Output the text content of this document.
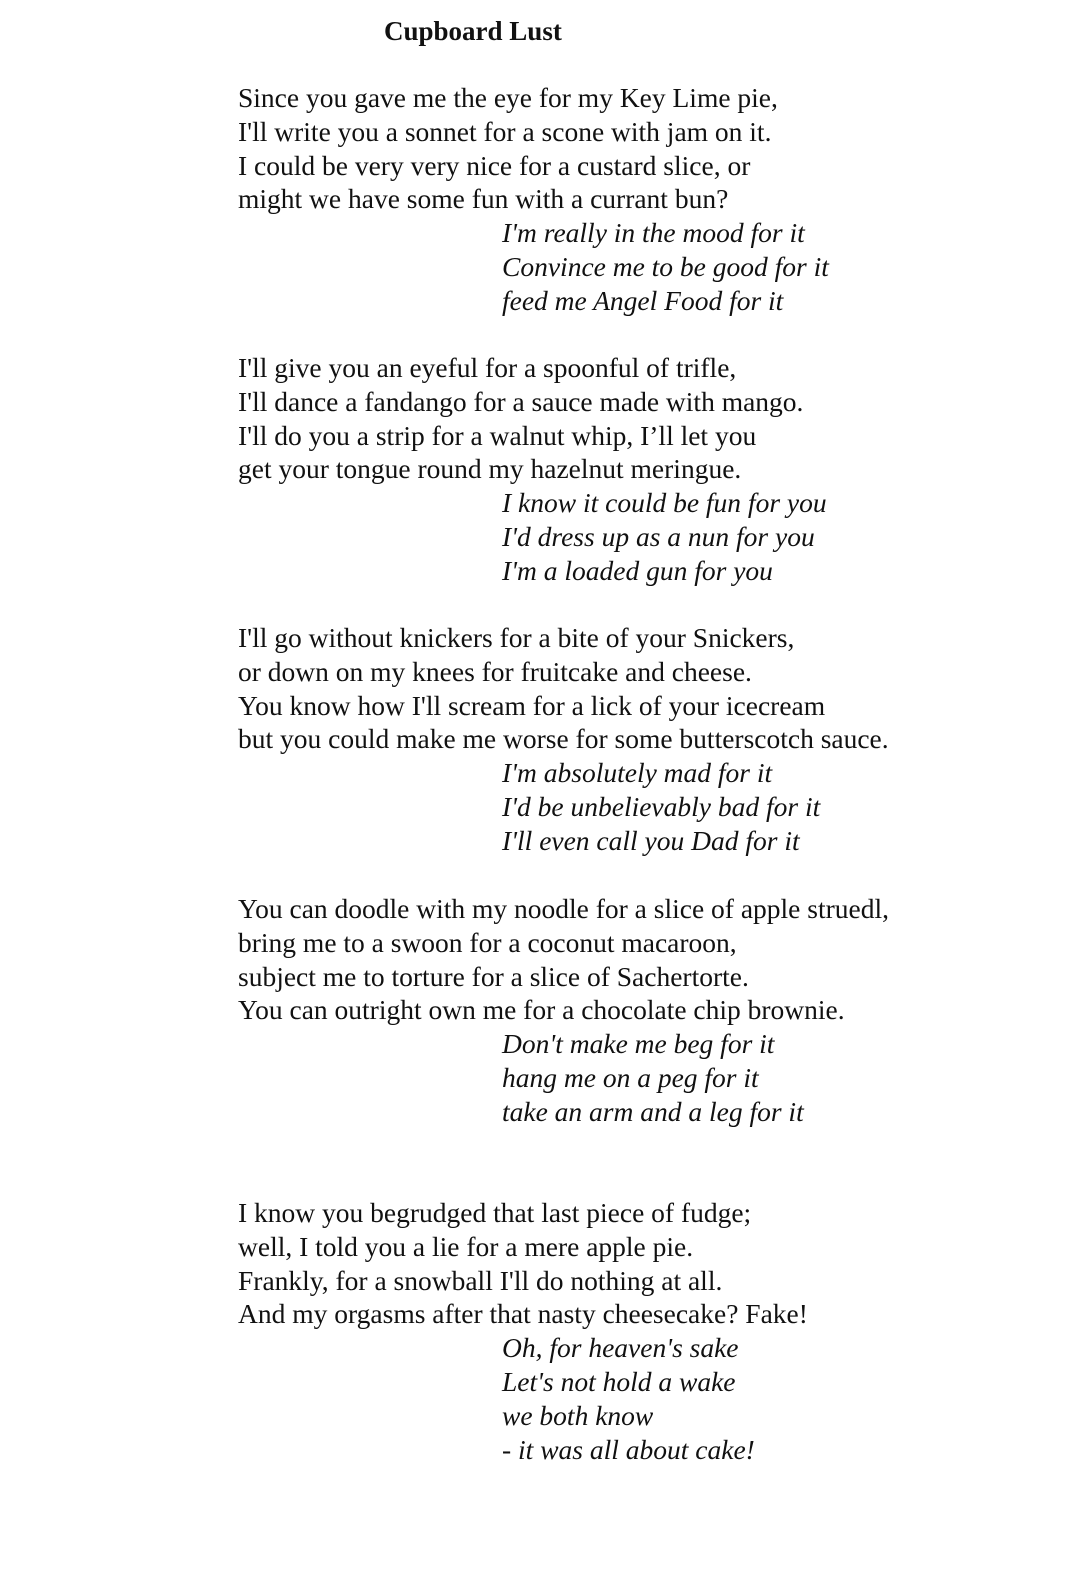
Cupboard Lust
Since you gave me the eye for my Key Lime pie,
I'll write you a sonnet for a scone with jam on it.
I could be very very nice for a custard slice, or
might we have some fun with a currant bun?
I'm really in the mood for it
Convince me to be good for it
feed me Angel Food for it
I'll give you an eyeful for a spoonful of trifle,
I'll dance a fandango for a sauce made with mango.
I'll do you a strip for a walnut whip, I’ll let you
get your tongue round my hazelnut meringue.
I know it could be fun for you
I'd dress up as a nun for you
I'm a loaded gun for you
I'll go without knickers for a bite of your Snickers,
or down on my knees for fruitcake and cheese.
You know how I'll scream for a lick of your icecream
but you could make me worse for some butterscotch sauce.
I'm absolutely mad for it
I'd be unbelievably bad for it
I'll even call you Dad for it
You can doodle with my noodle for a slice of apple struedl,
bring me to a swoon for a coconut macaroon,
subject me to torture for a slice of Sachertorte.
You can outright own me for a chocolate chip brownie.
Don't make me beg for it
hang me on a peg for it
take an arm and a leg for it
I know you begrudged that last piece of fudge;
well, I told you a lie for a mere apple pie.
Frankly, for a snowball I'll do nothing at all.
And my orgasms after that nasty cheesecake? Fake!
Oh, for heaven's sake
Let's not hold a wake
we both know
- it was all about cake!
